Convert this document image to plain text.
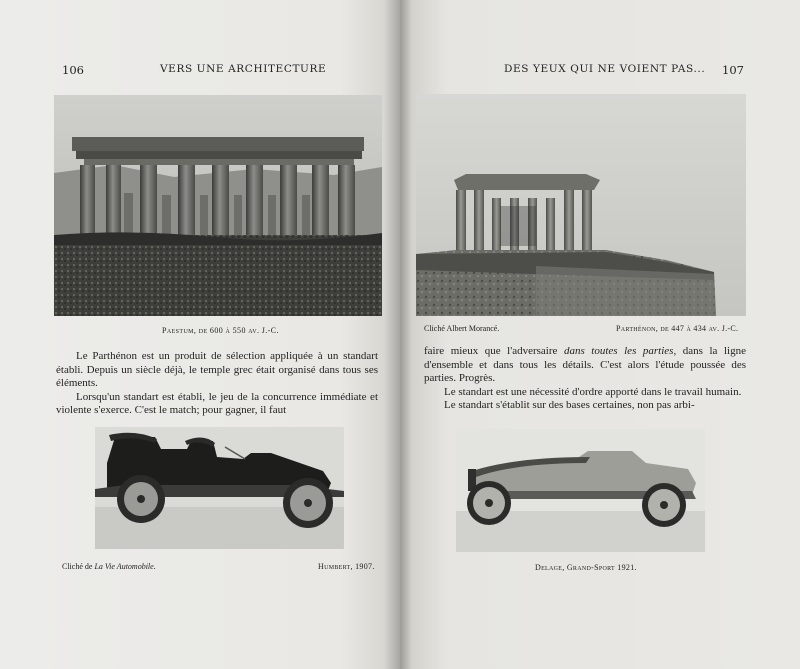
106	VERS UNE ARCHITECTURE
Paestum, de 600 à 550 av. J.-C.

Le Parthénon est un produit de sélection appliquée à un standart établi. Depuis un siècle déjà, le temple grec était organisé dans tous ses éléments.

Lorsqu'un standart est établi, le jeu de la concurrence immédiate et violente s'exerce. C'est le match; pour gagner, il faut

Cliché de La Vie Automobile.	Humbert, 1907.
DES YEUX QUI NE VOIENT PAS... 107
Cliché Albert Morancé.	Parthénon, de 447 à 434 av. J.-C.

faire mieux que l'adversaire dans toutes les parties, dans la ligne d'ensemble et dans tous les détails. C'est alors l'étude poussée des parties. Progrès.

Le standart est une nécessité d'ordre apporté dans le travail humain.

Le standart s'établit sur des bases certaines, non pas arbi-

Delage, Grand-Sport 1921.
